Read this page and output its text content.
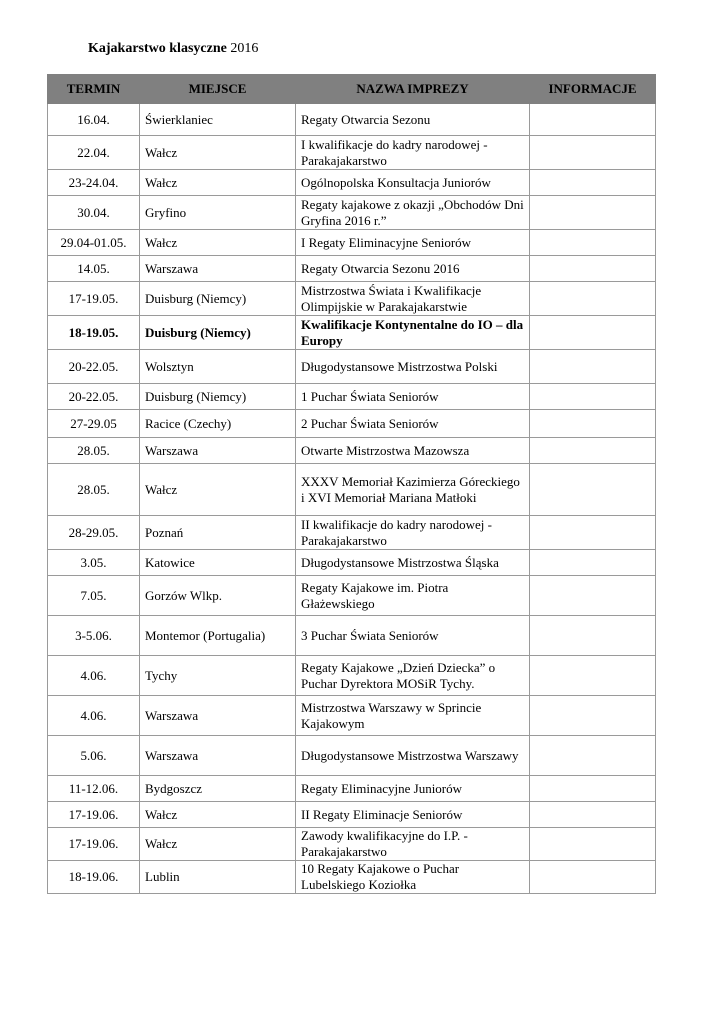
Kajakarstwo klasyczne 2016
TERMIN	MIEJSCE	NAZWA IMPREZY	INFORMACJE
16.04.	Świerklaniec	Regaty Otwarcia Sezonu	
22.04.	Wałcz	I kwalifikacje do kadry narodowej - Parakajakarstwo	
23-24.04.	Wałcz	Ogólnopolska Konsultacja Juniorów	
30.04.	Gryfino	Regaty kajakowe z okazji „Obchodów Dni Gryfina 2016 r.”	
29.04-01.05.	Wałcz	I Regaty Eliminacyjne Seniorów	
14.05.	Warszawa	Regaty Otwarcia Sezonu 2016	
17-19.05.	Duisburg (Niemcy)	Mistrzostwa Świata i Kwalifikacje Olimpijskie w Parakajakarstwie	
18-19.05.	Duisburg (Niemcy)	Kwalifikacje Kontynentalne do IO – dla Europy	
20-22.05.	Wolsztyn	Długodystansowe Mistrzostwa Polski	
20-22.05.	Duisburg (Niemcy)	1 Puchar Świata Seniorów	
27-29.05	Racice (Czechy)	2 Puchar Świata Seniorów	
28.05.	Warszawa	Otwarte Mistrzostwa Mazowsza	
28.05.	Wałcz	XXXV Memoriał Kazimierza Góreckiego
i XVI Memoriał Mariana Matłoki	
28-29.05.	Poznań	II kwalifikacje do kadry narodowej - Parakajakarstwo	
3.05.	Katowice	Długodystansowe Mistrzostwa Śląska	
7.05.	Gorzów Wlkp.	Regaty Kajakowe im. Piotra Głażewskiego	
3-5.06.	Montemor (Portugalia)	3 Puchar Świata Seniorów	
4.06.	Tychy	Regaty Kajakowe „Dzień Dziecka” o Puchar Dyrektora MOSiR Tychy.	
4.06.	Warszawa	Mistrzostwa Warszawy w Sprincie Kajakowym	
5.06.	Warszawa	Długodystansowe Mistrzostwa Warszawy	
11-12.06.	Bydgoszcz	Regaty Eliminacyjne Juniorów	
17-19.06.	Wałcz	II Regaty Eliminacje Seniorów	
17-19.06.	Wałcz	Zawody kwalifikacyjne do I.P. - Parakajakarstwo	
18-19.06.	Lublin	10 Regaty Kajakowe o Puchar Lubelskiego Koziołka	
